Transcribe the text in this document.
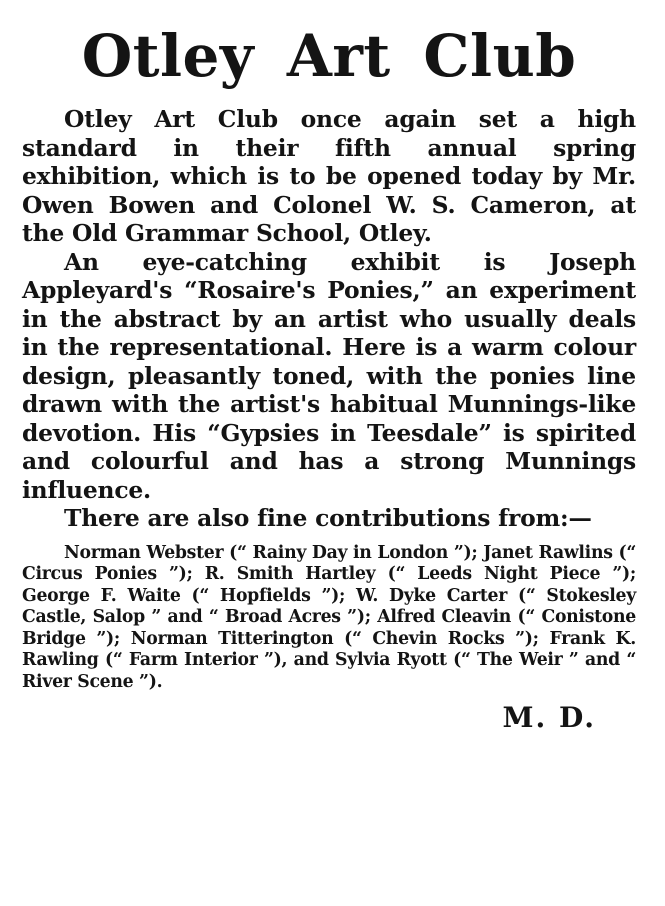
Otley Art Club

Otley Art Club once again set a high standard in their fifth annual spring exhibition, which is to be opened today by Mr. Owen Bowen and Colonel W. S. Cameron, at the Old Grammar School, Otley.

An eye-catching exhibit is Joseph Appleyard's “Rosaire's Ponies,” an experiment in the abstract by an artist who usually deals in the representational. Here is a warm colour design, pleasantly toned, with the ponies line drawn with the artist's habitual Munnings-like devotion. His “Gypsies in Teesdale” is spirited and colourful and has a strong Munnings influence.

There are also fine contributions from:—

Norman Webster (“ Rainy Day in London ”); Janet Rawlins (“ Circus Ponies ”); R. Smith Hartley (“ Leeds Night Piece ”); George F. Waite (“ Hopfields ”); W. Dyke Carter (“ Stokesley Castle, Salop ” and “ Broad Acres ”); Alfred Cleavin (“ Conistone Bridge ”); Norman Titterington (“ Chevin Rocks ”); Frank K. Rawling (“ Farm Interior ”), and Sylvia Ryott (“ The Weir ” and “ River Scene ”).

M. D.
